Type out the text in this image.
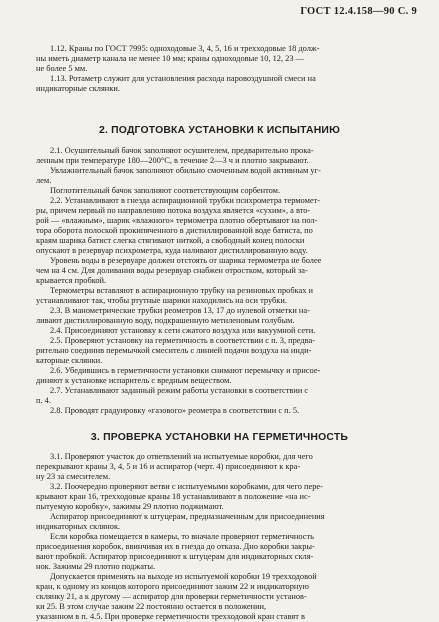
ГОСТ 12.4.158—90 С. 9
1.12. Краны по ГОСТ 7995: одноходовые 3, 4, 5, 16 и трехходовые 18 долж-
ны иметь диаметр канала не менее 10 мм; краны одноходовые 10, 12, 23 —
не более 5 мм.
1.13. Ротаметр служит для установления расхода паровоздушной смеси на
индикаторные склянки.
2. ПОДГОТОВКА УСТАНОВКИ К ИСПЫТАНИЮ
2.1. Осушительный бачок заполняют осушителем, предварительно прока-
ленным при температуре 180—200°С, в течение 2—3 ч и плотно закрывают.
Увлажнительный бачок заполняют обильно смоченным водой активным уг-
лем.
Поглотительный бачок заполняют соответствующим сорбентом.
2.2. Устанавливают в гнезда аспирационной трубки психрометра термомет-
ры, причем первый по направлению потока воздуха является «сухим», а вто-
рой — «влажным», шарик «влажного» термометра плотно обертывают на пол-
тора оборота полоской прокипяченного в дистиллированной воде батиста, по
краям шарика батист слегка стягивают ниткой, а свободный конец полоски
опускают в резервуар психрометра, куда наливают дистиллированную воду.
Уровень воды в резервуаре должен отстоять от шарика термометра не более
чем на 4 см. Для доливания воды резервуар снабжен отростком, который за-
крывается пробкой.
Термометры вставляют в аспирационную трубку на резиновых пробках и
устанавливают так, чтобы ртутные шарики находились на оси трубки.
2.3. В манометрические трубки реометров 13, 17 до нулевой отметки на-
ливают дистиллированную воду, подкрашенную метиленовым голубым.
2.4. Присоединяют установку к сети сжатого воздуха или вакуумной сети.
2.5. Проверяют установку на герметичность в соответствии с п. 3, предва-
рительно соединив перемычкой смеситель с линией подачи воздуха на инди-
каторные склянки.
2.6. Убедившись в герметичности установки снимают перемычку и присое-
диняют к установке испаритель с вредным веществом.
2.7. Устанавливают заданный режим работы установки в соответствии с
п. 4.
2.8. Проводят градуировку «газового» реометра в соответствии с п. 5.
3. ПРОВЕРКА УСТАНОВКИ НА ГЕРМЕТИЧНОСТЬ
3.1. Проверяют участок до ответвлений на испытуемые коробки, для чего
перекрывают краны 3, 4, 5 и 16 и аспиратор (черт. 4) присоединяют к кра-
ну 23 за смесителем.
3.2. Поочередно проверяют ветви с испытуемыми коробками, для чего пере-
крывают кран 16, трехходовые краны 18 устанавливают в положение «на ис-
пытуемую коробку», зажимы 29 плотно поджимают.
Аспиратор присоединяют к штуцерам, предназначенным для присоединения
индикаторных склянок.
Если коробка помещается в камеры, то вначале проверяют герметичность
присоединения коробок, ввинчивая их в гнезда до отказа. Дно коробки закры-
вают пробкой. Аспиратор присоединяют к штуцерам для индикаторных скля-
нок. Зажимы 29 плотно поджаты.
Допускается применять на выходе из испытуемой коробки 19 трехходовой
кран, к одному из концов которого присоединяют зажим 22 и индикаторную
склянку 21, а к другому — аспиратор для проверки герметичности установ-
ки 25. В этом случае зажим 22 постоянно остается в положении,
указанном в п. 4.5. При проверке герметичности трехходовой кран ставят в
